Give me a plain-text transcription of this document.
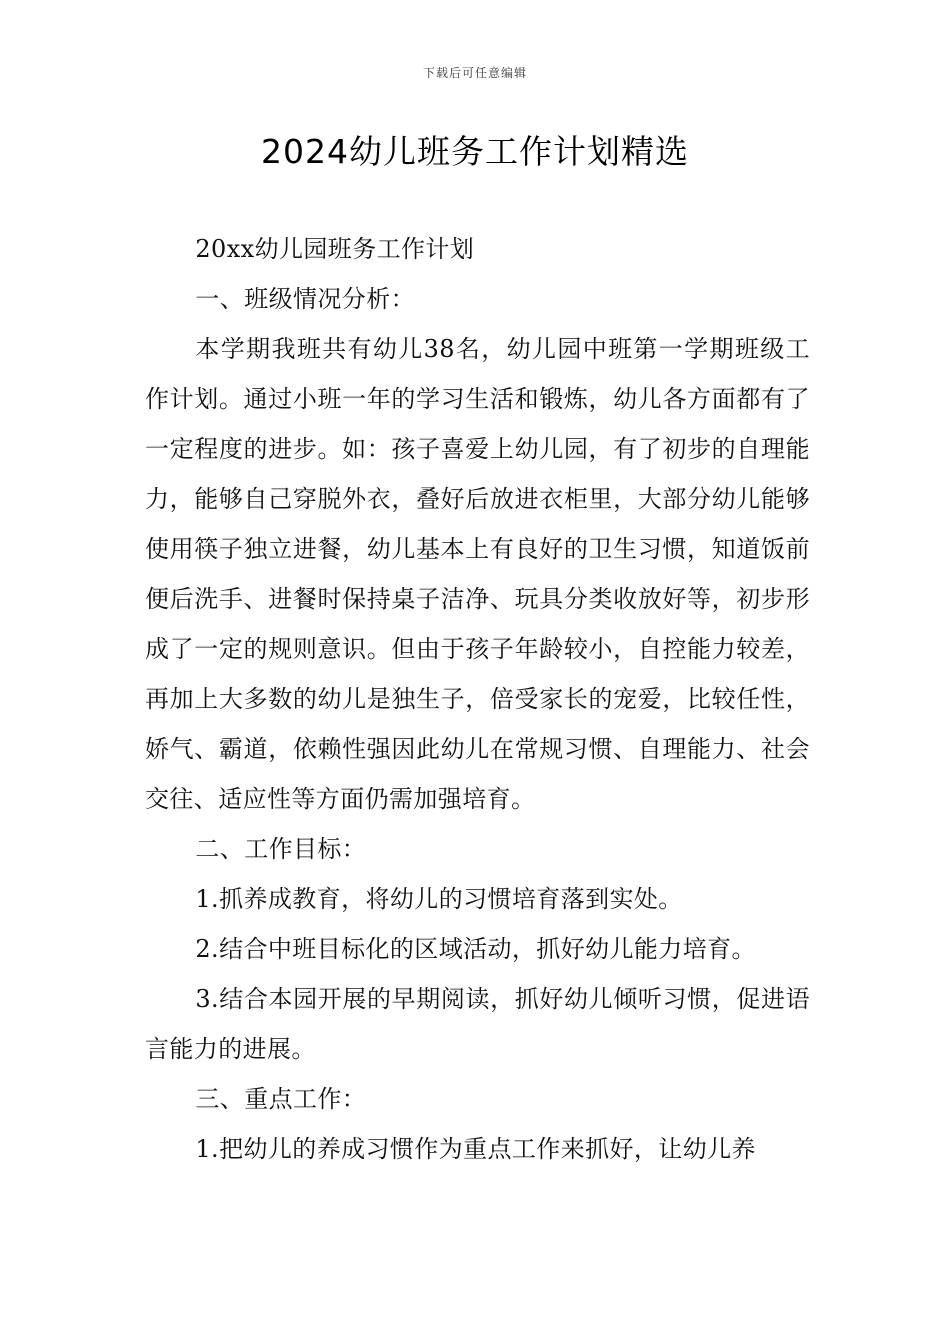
下载后可任意编辑
2024幼儿班务工作计划精选

20xx幼儿园班务工作计划

一、班级情况分析：

本学期我班共有幼儿38名，幼儿园中班第一学期班级工作计划。通过小班一年的学习生活和锻炼，幼儿各方面都有了一定程度的进步。如：孩子喜爱上幼儿园，有了初步的自理能力，能够自己穿脱外衣，叠好后放进衣柜里，大部分幼儿能够使用筷子独立进餐，幼儿基本上有良好的卫生习惯，知道饭前便后洗手、进餐时保持桌子洁净、玩具分类收放好等，初步形成了一定的规则意识。但由于孩子年龄较小，自控能力较差，再加上大多数的幼儿是独生子，倍受家长的宠爱，比较任性，娇气、霸道，依赖性强因此幼儿在常规习惯、自理能力、社会交往、适应性等方面仍需加强培育。

二、工作目标：

1.抓养成教育，将幼儿的习惯培育落到实处。

2.结合中班目标化的区域活动，抓好幼儿能力培育。

3.结合本园开展的早期阅读，抓好幼儿倾听习惯，促进语言能力的进展。

三、重点工作：

1.把幼儿的养成习惯作为重点工作来抓好，让幼儿养
